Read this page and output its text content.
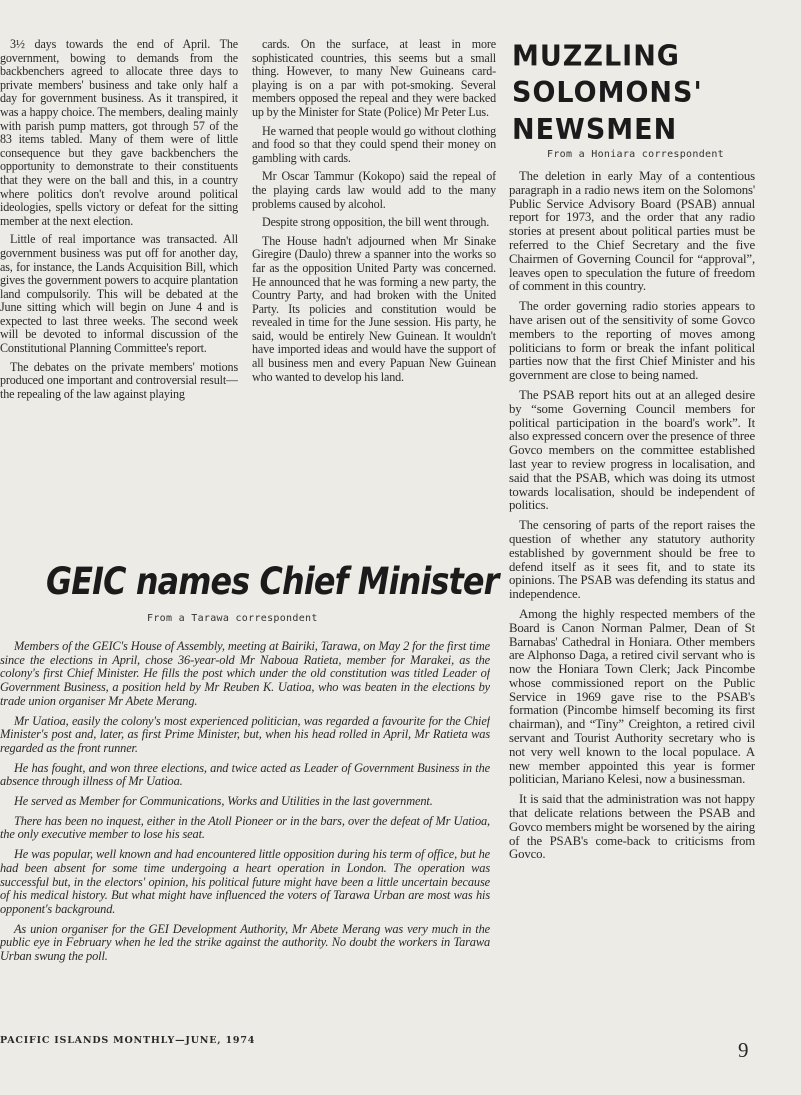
3½ days towards the end of April. The government, bowing to demands from the backbenchers agreed to allocate three days to private members' business and take only half a day for government business. As it transpired, it was a happy choice. The members, dealing mainly with parish pump matters, got through 57 of the 83 items tabled. Many of them were of little consequence but they gave backbenchers the opportunity to demonstrate to their constituents that they were on the ball and this, in a country where politics don't revolve around political ideologies, spells victory or defeat for the sitting member at the next election.

Little of real importance was transacted. All government business was put off for another day, as, for instance, the Lands Acquisition Bill, which gives the government powers to acquire plantation land compulsorily. This will be debated at the June sitting which will begin on June 4 and is expected to last three weeks. The second week will be devoted to informal discussion of the Constitutional Planning Committee's report.

The debates on the private members' motions produced one important and controversial result—the repealing of the law against playing

cards. On the surface, at least in more sophisticated countries, this seems but a small thing. However, to many New Guineans card-playing is on a par with pot-smoking. Several members opposed the repeal and they were backed up by the Minister for State (Police) Mr Peter Lus.

He warned that people would go without clothing and food so that they could spend their money on gambling with cards.

Mr Oscar Tammur (Kokopo) said the repeal of the playing cards law would add to the many problems caused by alcohol.

Despite strong opposition, the bill went through.

The House hadn't adjourned when Mr Sinake Giregire (Daulo) threw a spanner into the works so far as the opposition United Party was concerned. He announced that he was forming a new party, the Country Party, and had broken with the United Party. Its policies and constitution would be revealed in time for the June session. His party, he said, would be entirely New Guinean. It wouldn't have imported ideas and would have the support of all business men and every Papuan New Guinean who wanted to develop his land.

MUZZLING
SOLOMONS'
NEWSMEN
From a Honiara correspondent

The deletion in early May of a contentious paragraph in a radio news item on the Solomons' Public Service Advisory Board (PSAB) annual report for 1973, and the order that any radio stories at present about political parties must be referred to the Chief Secretary and the five Chairmen of Governing Council for “approval”, leaves open to speculation the future of freedom of comment in this country.

The order governing radio stories appears to have arisen out of the sensitivity of some Govco members to the reporting of moves among politicians to form or break the infant political parties now that the first Chief Minister and his government are close to being named.

The PSAB report hits out at an alleged desire by “some Governing Council members for political participation in the board's work”. It also expressed concern over the presence of three Govco members on the committee established last year to review progress in localisation, and said that the PSAB, which was doing its utmost towards localisation, should be independent of politics.

The censoring of parts of the report raises the question of whether any statutory authority established by government should be free to defend itself as it sees fit, and to state its opinions. The PSAB was defending its status and independence.

Among the highly respected members of the Board is Canon Norman Palmer, Dean of St Barnabas' Cathedral in Honiara. Other members are Alphonso Daga, a retired civil servant who is now the Honiara Town Clerk; Jack Pincombe whose commissioned report on the Public Service in 1969 gave rise to the PSAB's formation (Pincombe himself becoming its first chairman), and “Tiny” Creighton, a retired civil servant and Tourist Authority secretary who is not very well known to the local populace. A new member appointed this year is former politician, Mariano Kelesi, now a businessman.

It is said that the administration was not happy that delicate relations between the PSAB and Govco members might be worsened by the airing of the PSAB's come-back to criticisms from Govco.

GEIC names Chief Minister
From a Tarawa correspondent

Members of the GEIC's House of Assembly, meeting at Bairiki, Tarawa, on May 2 for the first time since the elections in April, chose 36-year-old Mr Naboua Ratieta, member for Marakei, as the colony's first Chief Minister. He fills the post which under the old constitution was titled Leader of Government Business, a position held by Mr Reuben K. Uatioa, who was beaten in the elections by trade union organiser Mr Abete Merang.

Mr Uatioa, easily the colony's most experienced politician, was regarded a favourite for the Chief Minister's post and, later, as first Prime Minister, but, when his head rolled in April, Mr Ratieta was regarded as the front runner.

He has fought, and won three elections, and twice acted as Leader of Government Business in the absence through illness of Mr Uatioa.

He served as Member for Communications, Works and Utilities in the last government.

There has been no inquest, either in the Atoll Pioneer or in the bars, over the defeat of Mr Uatioa, the only executive member to lose his seat.

He was popular, well known and had encountered little opposition during his term of office, but he had been absent for some time undergoing a heart operation in London. The operation was successful but, in the electors' opinion, his political future might have been a little uncertain because of his medical history. But what might have influenced the voters of Tarawa Urban are most was his opponent's background.

As union organiser for the GEI Development Authority, Mr Abete Merang was very much in the public eye in February when he led the strike against the authority. No doubt the workers in Tarawa Urban swung the poll.

PACIFIC ISLANDS MONTHLY—JUNE, 1974	9
